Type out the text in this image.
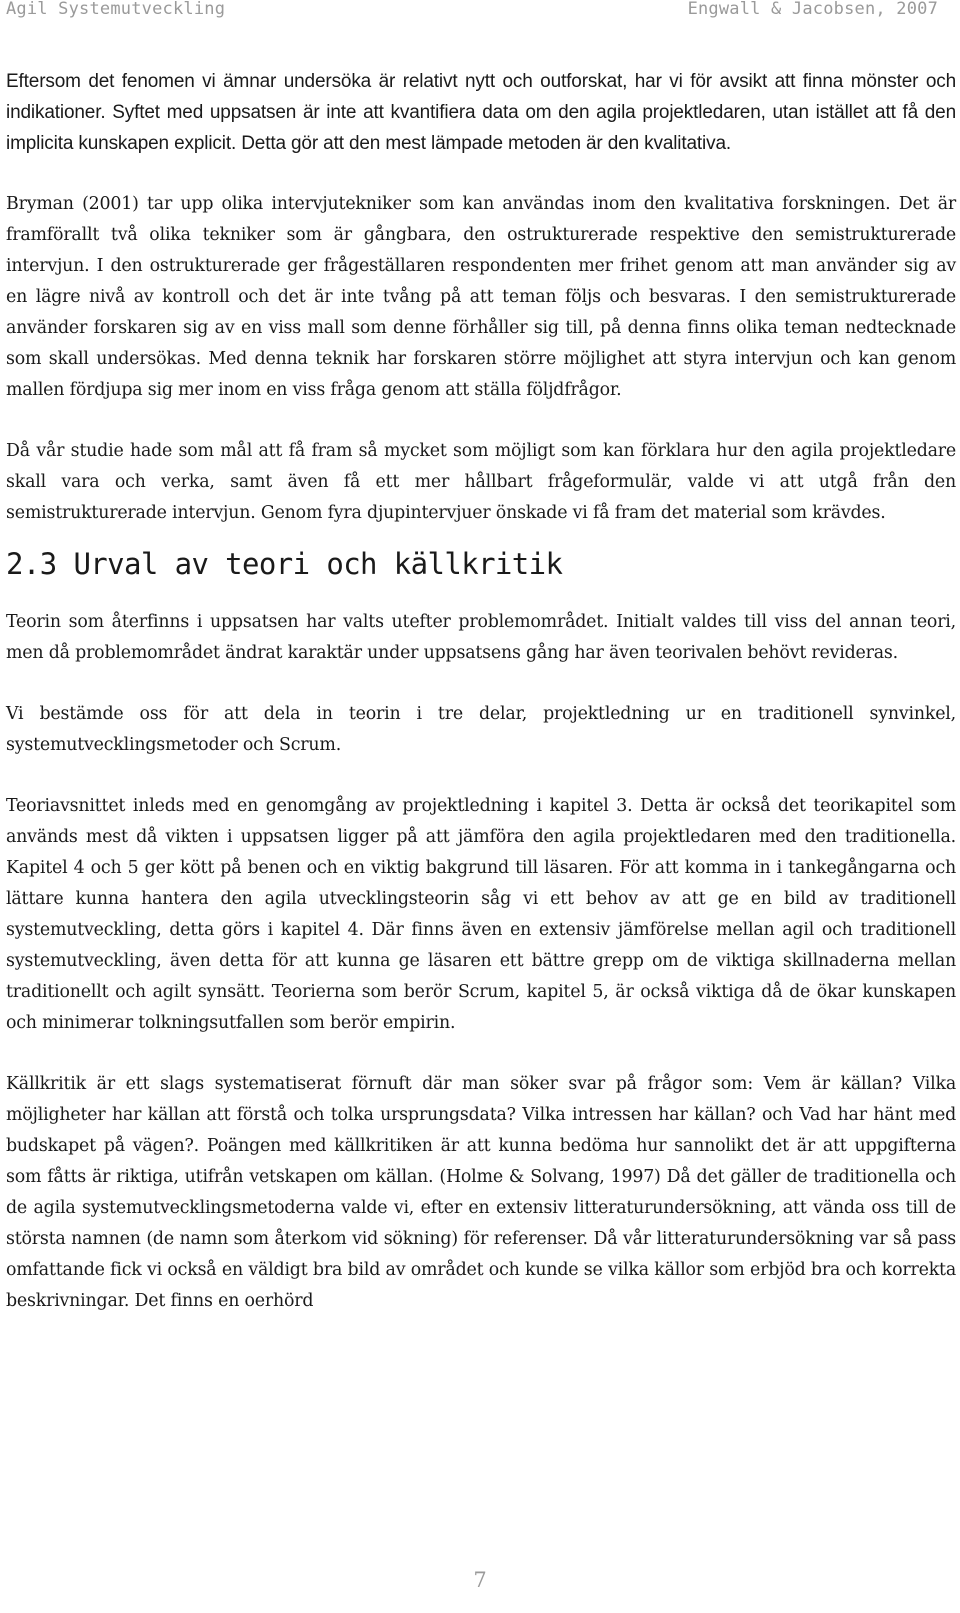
Agil Systemutveckling	Engwall & Jacobsen, 2007

Eftersom det fenomen vi ämnar undersöka är relativt nytt och outforskat, har vi för avsikt att finna mönster och indikationer. Syftet med uppsatsen är inte att kvantifiera data om den agila projektledaren, utan istället att få den implicita kunskapen explicit. Detta gör att den mest lämpade metoden är den kvalitativa.

Bryman (2001) tar upp olika intervjutekniker som kan användas inom den kvalitativa forskningen. Det är framförallt två olika tekniker som är gångbara, den ostrukturerade respektive den semistrukturerade intervjun. I den ostrukturerade ger frågeställaren respondenten mer frihet genom att man använder sig av en lägre nivå av kontroll och det är inte tvång på att teman följs och besvaras. I den semistrukturerade använder forskaren sig av en viss mall som denne förhåller sig till, på denna finns olika teman nedtecknade som skall undersökas. Med denna teknik har forskaren större möjlighet att styra intervjun och kan genom mallen fördjupa sig mer inom en viss fråga genom att ställa följdfrågor.

Då vår studie hade som mål att få fram så mycket som möjligt som kan förklara hur den agila projektledare skall vara och verka, samt även få ett mer hållbart frågeformulär, valde vi att utgå från den semistrukturerade intervjun. Genom fyra djupintervjuer önskade vi få fram det material som krävdes.

2.3 Urval av teori och källkritik

Teorin som återfinns i uppsatsen har valts utefter problemområdet. Initialt valdes till viss del annan teori, men då problemområdet ändrat karaktär under uppsatsens gång har även teorivalen behövt revideras.

Vi bestämde oss för att dela in teorin i tre delar, projektledning ur en traditionell synvinkel, systemutvecklingsmetoder och Scrum.

Teoriavsnittet inleds med en genomgång av projektledning i kapitel 3. Detta är också det teorikapitel som används mest då vikten i uppsatsen ligger på att jämföra den agila projektledaren med den traditionella. Kapitel 4 och 5 ger kött på benen och en viktig bakgrund till läsaren. För att komma in i tankegångarna och lättare kunna hantera den agila utvecklingsteorin såg vi ett behov av att ge en bild av traditionell systemutveckling, detta görs i kapitel 4. Där finns även en extensiv jämförelse mellan agil och traditionell systemutveckling, även detta för att kunna ge läsaren ett bättre grepp om de viktiga skillnaderna mellan traditionellt och agilt synsätt. Teorierna som berör Scrum, kapitel 5, är också viktiga då de ökar kunskapen och minimerar tolkningsutfallen som berör empirin.

Källkritik är ett slags systematiserat förnuft där man söker svar på frågor som: Vem är källan? Vilka möjligheter har källan att förstå och tolka ursprungsdata? Vilka intressen har källan? och Vad har hänt med budskapet på vägen?. Poängen med källkritiken är att kunna bedöma hur sannolikt det är att uppgifterna som fåtts är riktiga, utifrån vetskapen om källan. (Holme & Solvang, 1997) Då det gäller de traditionella och de agila systemutvecklingsmetoderna valde vi, efter en extensiv litteraturundersökning, att vända oss till de största namnen (de namn som återkom vid sökning) för referenser. Då vår litteraturundersökning var så pass omfattande fick vi också en väldigt bra bild av området och kunde se vilka källor som erbjöd bra och korrekta beskrivningar. Det finns en oerhörd

7
